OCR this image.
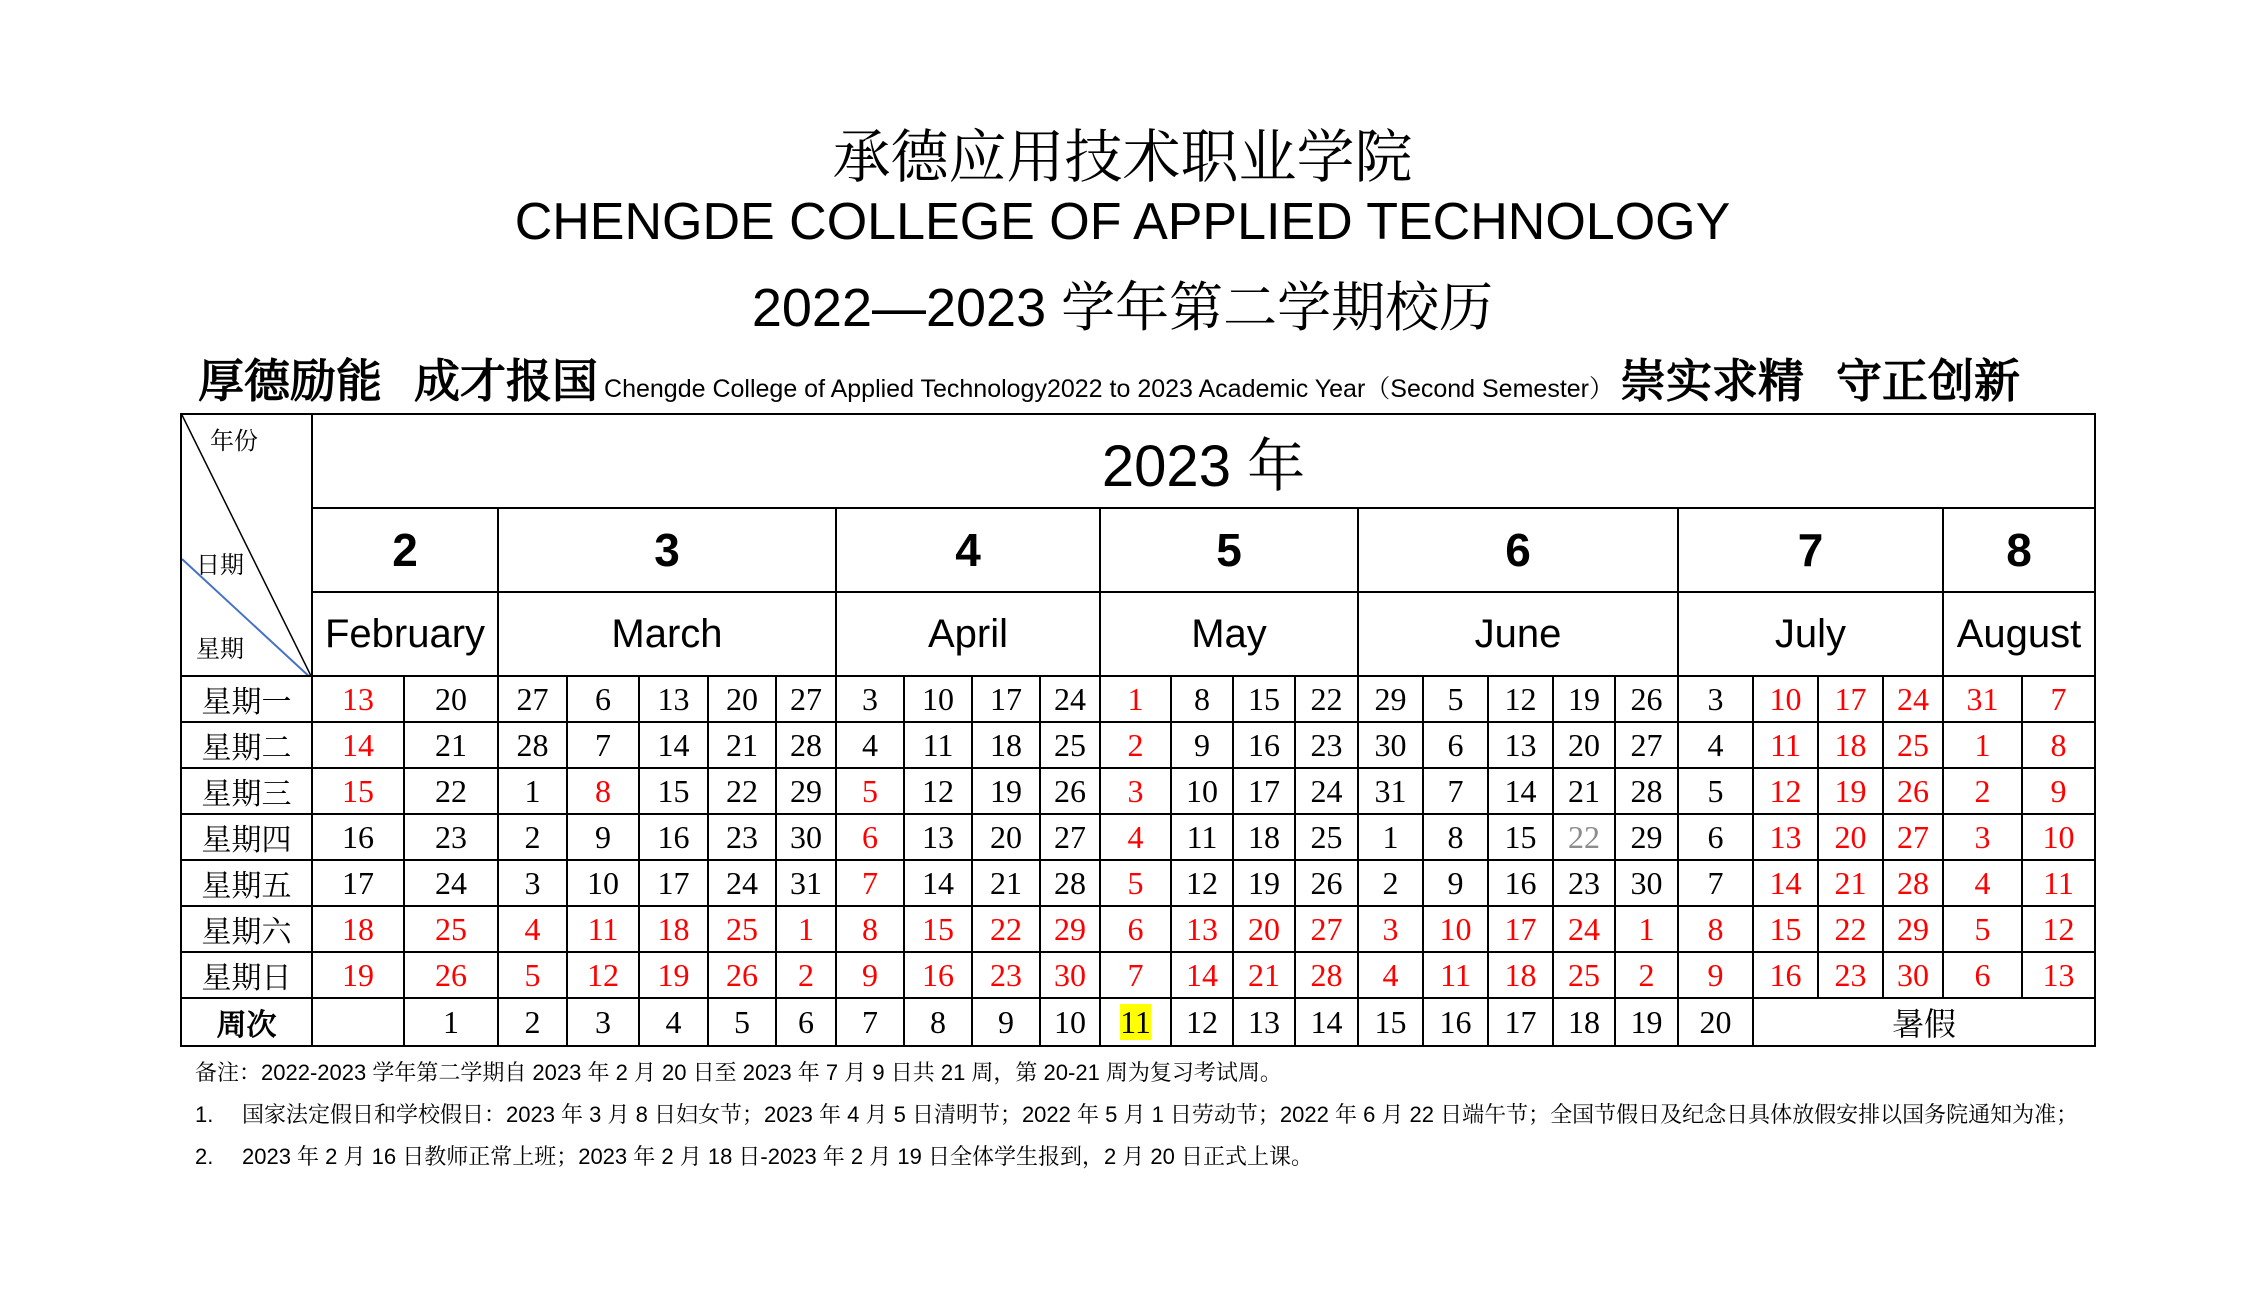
承德应用技术职业学院
CHENGDE COLLEGE OF APPLIED TECHNOLOGY
2022—2023 学年第二学期校历
厚德励能  成才报国 Chengde College of Applied Technology2022 to 2023 Academic Year（Second Semester） 崇实求精  守正创新
年份
日期
星期	2023 年																									
	2		3					4				5				6					7				8	
	February		March					April				May				June					July				August	
星期一	13	20	27	6	13	20	27	3	10	17	24	1	8	15	22	29	5	12	19	26	3	10	17	24	31	7
星期二	14	21	28	7	14	21	28	4	11	18	25	2	9	16	23	30	6	13	20	27	4	11	18	25	1	8
星期三	15	22	1	8	15	22	29	5	12	19	26	3	10	17	24	31	7	14	21	28	5	12	19	26	2	9
星期四	16	23	2	9	16	23	30	6	13	20	27	4	11	18	25	1	8	15	22	29	6	13	20	27	3	10
星期五	17	24	3	10	17	24	31	7	14	21	28	5	12	19	26	2	9	16	23	30	7	14	21	28	4	11
星期六	18	25	4	11	18	25	1	8	15	22	29	6	13	20	27	3	10	17	24	1	8	15	22	29	5	12
星期日	19	26	5	12	19	26	2	9	16	23	30	7	14	21	28	4	11	18	25	2	9	16	23	30	6	13
周次		1	2	3	4	5	6	7	8	9	10	11	12	13	14	15	16	17	18	19	20	暑假				
备注：2022-2023 学年第二学期自 2023 年 2 月 20 日至 2023 年 7 月 9 日共 21 周，第 20-21 周为复习考试周。
1.	国家法定假日和学校假日：2023 年 3 月 8 日妇女节；2023 年 4 月 5 日清明节；2022 年 5 月 1 日劳动节；2022 年 6 月 22 日端午节；全国节假日及纪念日具体放假安排以国务院通知为准；
2.	2023 年 2 月 16 日教师正常上班；2023 年 2 月 18 日-2023 年 2 月 19 日全体学生报到，2 月 20 日正式上课。
